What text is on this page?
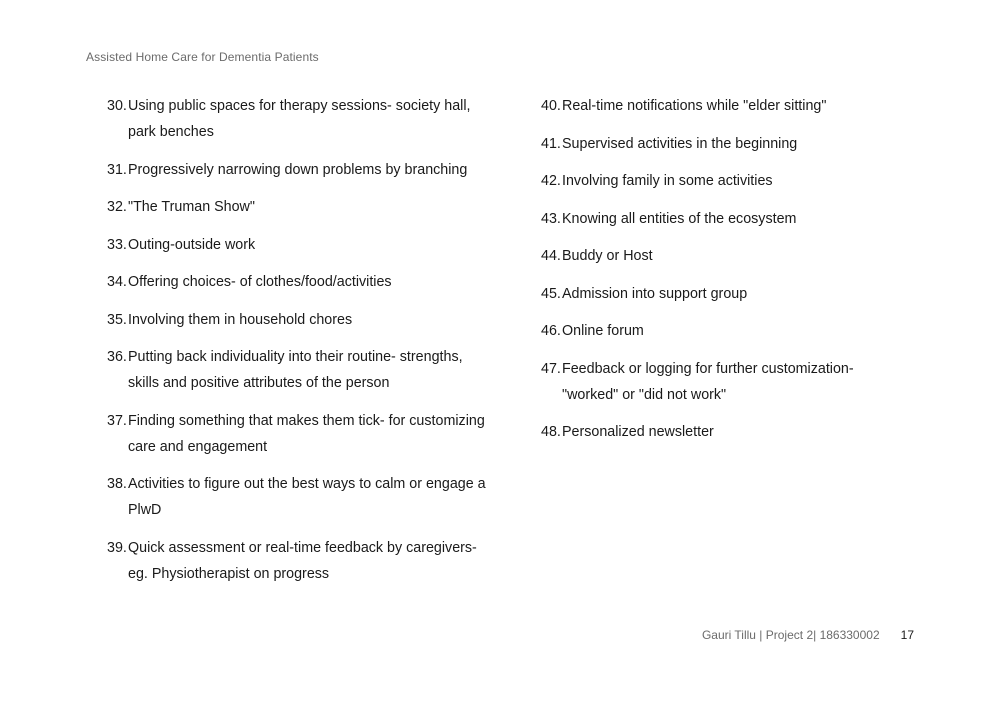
Assisted Home Care for Dementia Patients
30. Using public spaces for therapy sessions- society hall, park benches
31. Progressively narrowing down problems by branching
32. "The Truman Show"
33. Outing-outside work
34. Offering choices- of clothes/food/activities
35. Involving them in household chores
36. Putting back individuality into their routine- strengths, skills and positive attributes of the person
37. Finding something that makes them tick- for customizing care and engagement
38. Activities to figure out the best ways to calm or engage a PlwD
39. Quick assessment or real-time feedback by caregivers- eg. Physiotherapist on progress
40. Real-time notifications while "elder sitting"
41. Supervised activities in the beginning
42. Involving family in some activities
43. Knowing all entities of the ecosystem
44. Buddy or Host
45. Admission into support group
46. Online forum
47. Feedback or logging for further customization- "worked" or "did not work"
48. Personalized newsletter
Gauri Tillu | Project 2| 186330002 17
